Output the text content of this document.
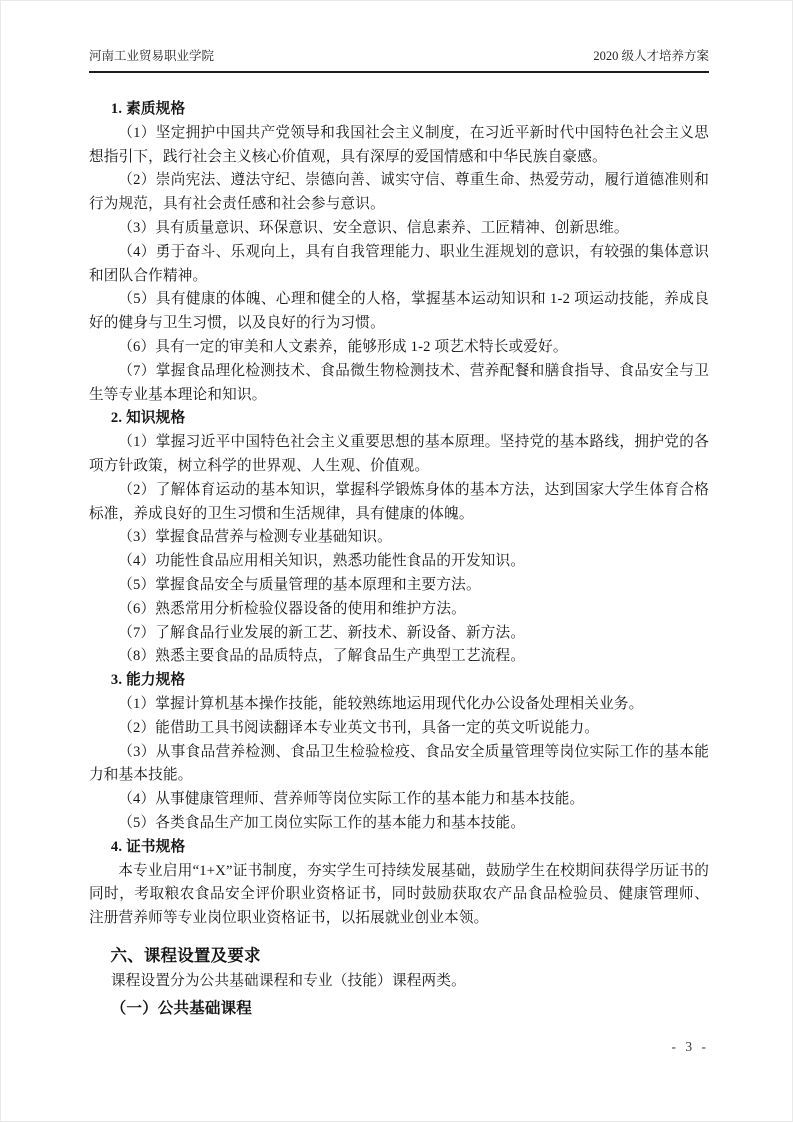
河南工业贸易职业学院	2020 级人才培养方案
1. 素质规格
（1）坚定拥护中国共产党领导和我国社会主义制度，在习近平新时代中国特色社会主义思想指引下，践行社会主义核心价值观，具有深厚的爱国情感和中华民族自豪感。
（2）崇尚宪法、遵法守纪、崇德向善、诚实守信、尊重生命、热爱劳动，履行道德准则和行为规范，具有社会责任感和社会参与意识。
（3）具有质量意识、环保意识、安全意识、信息素养、工匠精神、创新思维。
（4）勇于奋斗、乐观向上，具有自我管理能力、职业生涯规划的意识，有较强的集体意识和团队合作精神。
（5）具有健康的体魄、心理和健全的人格，掌握基本运动知识和 1-2 项运动技能，养成良好的健身与卫生习惯，以及良好的行为习惯。
（6）具有一定的审美和人文素养，能够形成 1-2 项艺术特长或爱好。
（7）掌握食品理化检测技术、食品微生物检测技术、营养配餐和膳食指导、食品安全与卫生等专业基本理论和知识。
2. 知识规格
（1）掌握习近平中国特色社会主义重要思想的基本原理。坚持党的基本路线，拥护党的各项方针政策，树立科学的世界观、人生观、价值观。
（2）了解体育运动的基本知识，掌握科学锻炼身体的基本方法，达到国家大学生体育合格标准，养成良好的卫生习惯和生活规律，具有健康的体魄。
（3）掌握食品营养与检测专业基础知识。
（4）功能性食品应用相关知识，熟悉功能性食品的开发知识。
（5）掌握食品安全与质量管理的基本原理和主要方法。
（6）熟悉常用分析检验仪器设备的使用和维护方法。
（7）了解食品行业发展的新工艺、新技术、新设备、新方法。
（8）熟悉主要食品的品质特点，了解食品生产典型工艺流程。
3. 能力规格
（1）掌握计算机基本操作技能，能较熟练地运用现代化办公设备处理相关业务。
（2）能借助工具书阅读翻译本专业英文书刊，具备一定的英文听说能力。
（3）从事食品营养检测、食品卫生检验检疫、食品安全质量管理等岗位实际工作的基本能力和基本技能。
（4）从事健康管理师、营养师等岗位实际工作的基本能力和基本技能。
（5）各类食品生产加工岗位实际工作的基本能力和基本技能。
4. 证书规格
本专业启用“1+X”证书制度，夯实学生可持续发展基础，鼓励学生在校期间获得学历证书的同时，考取粮农食品安全评价职业资格证书，同时鼓励获取农产品食品检验员、健康管理师、注册营养师等专业岗位职业资格证书，以拓展就业创业本领。
六、课程设置及要求
课程设置分为公共基础课程和专业（技能）课程两类。
（一）公共基础课程
- 3 -
